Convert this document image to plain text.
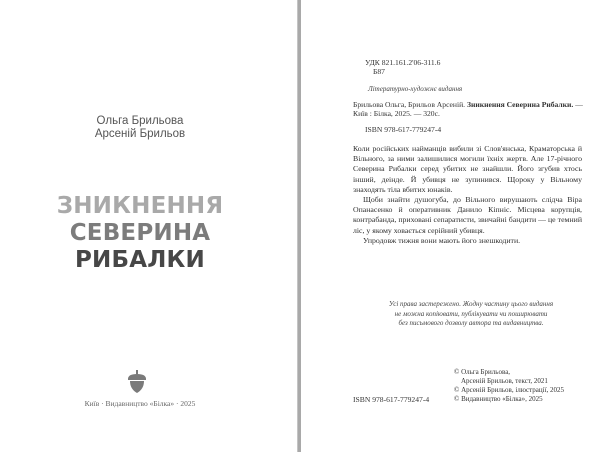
Ольга Брильова
Арсеній Брильов
ЗНИКНЕННЯ
СЕВЕРИНА
РИБАЛКИ
Київ · Видавництво «Білка» · 2025
УДК 821.161.2'06-311.6
Б87
Літературно-художнє видання
Брильова Ольга, Брильов Арсеній. Зникнення Северина Рибалки. — Київ : Білка, 2025. — 320с.
ISBN 978-617-779247-4

Коли російських найманців вибили зі Слов'янська, Краматорська й Вільного, за ними залишилися могили їхніх жертв. Але 17-річного Северина Рибалки серед убитих не знайшли. Його згубив хтось інший, деінде. Й убивця не зупинився. Щороку у Вільному знаходять тіла вбитих юнаків.

Щоби знайти душогуба, до Вільного вирушають слідча Віра Опанасенко й оперативник Данило Кіпніс. Місцева корупція, контрабанда, приховані сепаратисти, звичайні бандити — це темний ліс, у якому ховається серійний убивця.

Упродовж тижня вони мають його знешкодити.

Усі права застережено. Жодну частину цього видання
не можна копіювати, публікувати чи поширювати
без письмового дозволу автора та видавництва.
ISBN 978-617-779247-4
© Ольга Брильова,
Арсеній Брильов, текст, 2021
© Арсеній Брильов, ілюстрації, 2025
© Видавництво «Білка», 2025
